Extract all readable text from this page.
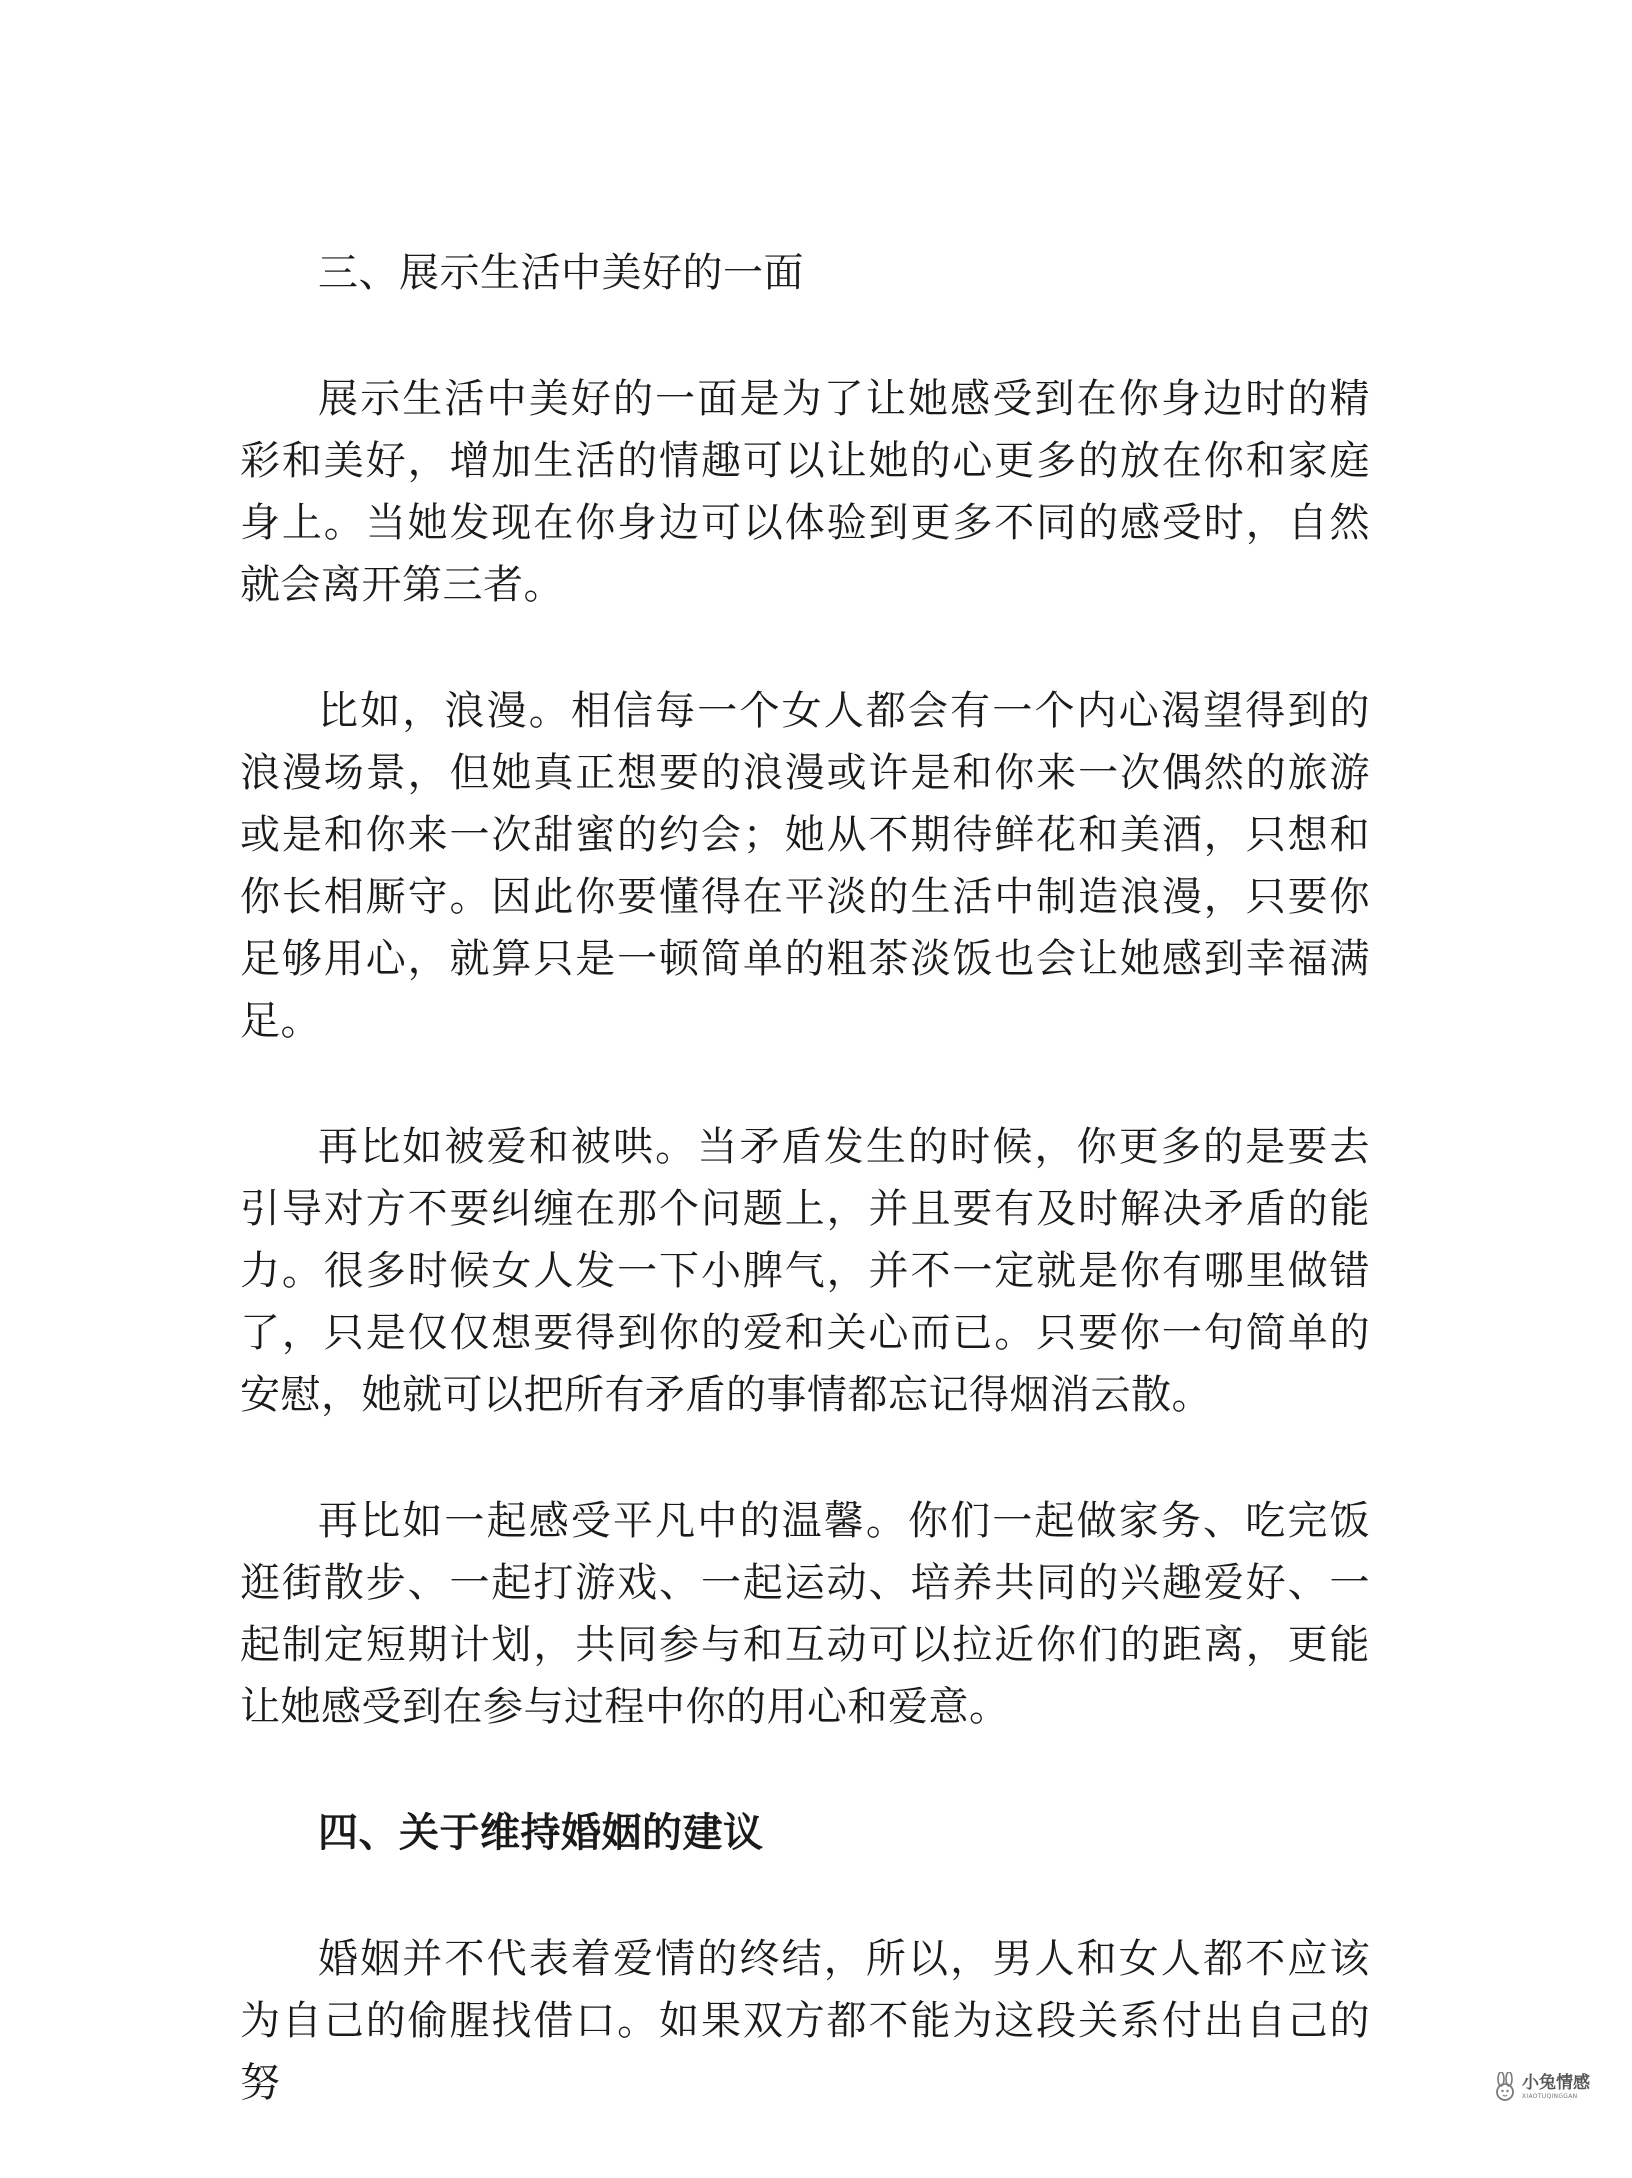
三、展示生活中美好的一面

展示生活中美好的一面是为了让她感受到在你身边时的精彩和美好，增加生活的情趣可以让她的心更多的放在你和家庭身上。当她发现在你身边可以体验到更多不同的感受时，自然就会离开第三者。

比如，浪漫。相信每一个女人都会有一个内心渴望得到的浪漫场景，但她真正想要的浪漫或许是和你来一次偶然的旅游或是和你来一次甜蜜的约会；她从不期待鲜花和美酒，只想和你长相厮守。因此你要懂得在平淡的生活中制造浪漫，只要你足够用心，就算只是一顿简单的粗茶淡饭也会让她感到幸福满足。

再比如被爱和被哄。当矛盾发生的时候，你更多的是要去引导对方不要纠缠在那个问题上，并且要有及时解决矛盾的能力。很多时候女人发一下小脾气，并不一定就是你有哪里做错了，只是仅仅想要得到你的爱和关心而已。只要你一句简单的安慰，她就可以把所有矛盾的事情都忘记得烟消云散。

再比如一起感受平凡中的温馨。你们一起做家务、吃完饭逛街散步、一起打游戏、一起运动、培养共同的兴趣爱好、一起制定短期计划，共同参与和互动可以拉近你们的距离，更能让她感受到在参与过程中你的用心和爱意。

四、关于维持婚姻的建议

婚姻并不代表着爱情的终结，所以，男人和女人都不应该为自己的偷腥找借口。如果双方都不能为这段关系付出自己的努	小兔情感
XIAOTUQINGGAN
